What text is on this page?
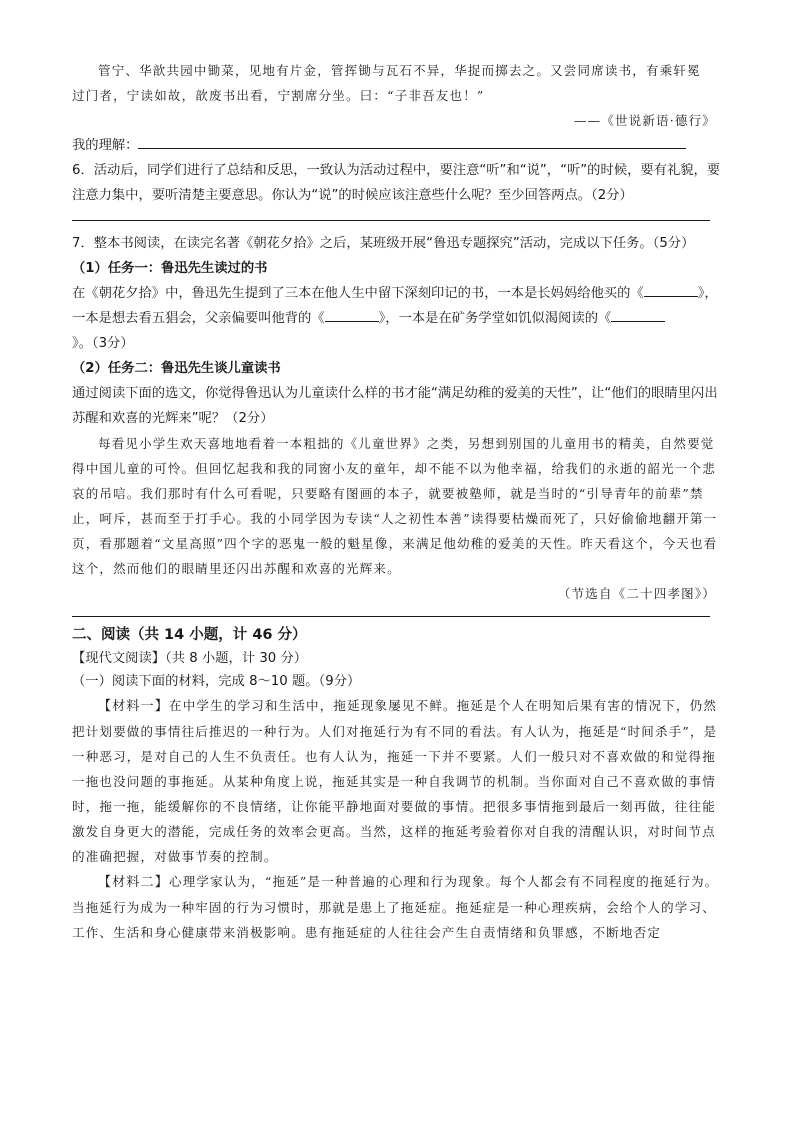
管宁、华歆共园中锄菜，见地有片金，管挥锄与瓦石不异，华捉而掷去之。又尝同席读书，有乘轩冕

过门者，宁读如故，歆废书出看，宁割席分坐。曰：“子非吾友也！”

——《世说新语·德行》

我的理解：

6．活动后，同学们进行了总结和反思，一致认为活动过程中，要注意“听”和“说”，“听”的时候，要有礼貌，要注意力集中，要听清楚主要意思。你认为“说”的时候应该注意些什么呢？至少回答两点。（2分）

7．整本书阅读，在读完名著《朝花夕拾》之后，某班级开展“鲁迅专题探究”活动，完成以下任务。（5分）

（1）任务一：鲁迅先生读过的书

在《朝花夕拾》中，鲁迅先生提到了三本在他人生中留下深刻印记的书，一本是长妈妈给他买的《	》，一本是想去看五猖会，父亲偏要叫他背的《	》，一本是在矿务学堂如饥似渴阅读的《》。（3分）

（2）任务二：鲁迅先生谈儿童读书

通过阅读下面的选文，你觉得鲁迅认为儿童读什么样的书才能“满足幼稚的爱美的天性”，让“他们的眼睛里闪出苏醒和欢喜的光辉来”呢？（2分）

每看见小学生欢天喜地地看着一本粗拙的《儿童世界》之类，另想到别国的儿童用书的精美，自然要觉得中国儿童的可怜。但回忆起我和我的同窗小友的童年，却不能不以为他幸福，给我们的永逝的韶光一个悲哀的吊唁。我们那时有什么可看呢，只要略有图画的本子，就要被塾师，就是当时的“引导青年的前辈”禁止，呵斥，甚而至于打手心。我的小同学因为专读“人之初性本善”读得要枯燥而死了，只好偷偷地翻开第一页，看那题着“文星高照”四个字的恶鬼一般的魁星像，来满足他幼稚的爱美的天性。昨天看这个，今天也看这个，然而他们的眼睛里还闪出苏醒和欢喜的光辉来。

（节选自《二十四孝图》）

二、阅读（共 14 小题，计 46 分）

【现代文阅读】（共 8 小题，计 30 分）

（一）阅读下面的材料，完成 8～10 题。（9分）

【材料一】在中学生的学习和生活中，拖延现象屡见不鲜。拖延是个人在明知后果有害的情况下，仍然把计划要做的事情往后推迟的一种行为。人们对拖延行为有不同的看法。有人认为，拖延是“时间杀手”，是一种恶习，是对自己的人生不负责任。也有人认为，拖延一下并不要紧。人们一般只对不喜欢做的和觉得拖一拖也没问题的事拖延。从某种角度上说，拖延其实是一种自我调节的机制。当你面对自己不喜欢做的事情时，拖一拖，能缓解你的不良情绪，让你能平静地面对要做的事情。把很多事情拖到最后一刻再做，往往能激发自身更大的潜能，完成任务的效率会更高。当然，这样的拖延考验着你对自我的清醒认识，对时间节点的准确把握，对做事节奏的控制。

【材料二】心理学家认为，“拖延”是一种普遍的心理和行为现象。每个人都会有不同程度的拖延行为。当拖延行为成为一种牢固的行为习惯时，那就是患上了拖延症。拖延症是一种心理疾病，会给个人的学习、工作、生活和身心健康带来消极影响。患有拖延症的人往往会产生自责情绪和负罪感，不断地否定
